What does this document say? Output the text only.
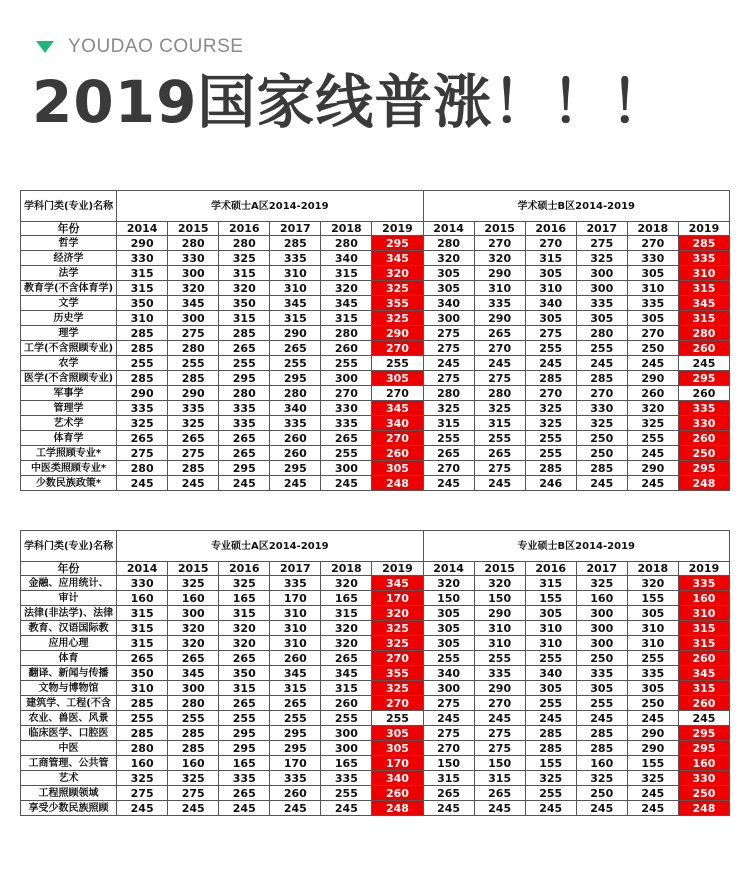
YOUDAO COURSE
2019国家线普涨！！！
学科门类(专业)名称	学术硕士A区2014-2019						学术硕士B区2014-2019					
年份	2014	2015	2016	2017	2018	2019	2014	2015	2016	2017	2018	2019
哲学	290	280	280	285	280	295	280	270	270	275	270	285
经济学	330	330	325	335	340	345	320	320	315	325	330	335
法学	315	300	315	310	315	320	305	290	305	300	305	310
教育学(不含体育学)	315	320	320	310	320	325	305	310	310	300	310	315
文学	350	345	350	345	345	355	340	335	340	335	335	345
历史学	310	300	315	315	315	325	300	290	305	305	305	315
理学	285	275	285	290	280	290	275	265	275	280	270	280
工学(不含照顾专业)	285	280	265	265	260	270	275	270	255	255	250	260
农学	255	255	255	255	255	255	245	245	245	245	245	245
医学(不含照顾专业)	285	285	295	295	300	305	275	275	285	285	290	295
军事学	290	290	280	280	270	270	280	280	270	270	260	260
管理学	335	335	335	340	330	345	325	325	325	330	320	335
艺术学	325	325	335	335	335	340	315	315	325	325	325	330
体育学	265	265	265	260	265	270	255	255	255	250	255	260
工学照顾专业*	275	275	265	260	255	260	265	265	255	250	245	250
中医类照顾专业*	280	285	295	295	300	305	270	275	285	285	290	295
少数民族政策*	245	245	245	245	245	248	245	245	246	245	245	248
学科门类(专业)名称	专业硕士A区2014-2019						专业硕士B区2014-2019					
年份	2014	2015	2016	2017	2018	2019	2014	2015	2016	2017	2018	2019
金融、应用统计、	330	325	325	335	320	345	320	320	315	325	320	335
审计	160	160	165	170	165	170	150	150	155	160	155	160
法律(非法学)、法律	315	300	315	310	315	320	305	290	305	300	305	310
教育、汉语国际教	315	320	320	310	320	325	305	310	310	300	310	315
应用心理	315	320	320	310	320	325	305	310	310	300	310	315
体育	265	265	265	260	265	270	255	255	255	250	255	260
翻译、新闻与传播	350	345	350	345	345	355	340	335	340	335	335	345
文物与博物馆	310	300	315	315	315	325	300	290	305	305	305	315
建筑学、工程(不含	285	280	265	265	260	270	275	270	255	255	250	260
农业、兽医、风景	255	255	255	255	255	255	245	245	245	245	245	245
临床医学、口腔医	285	285	295	295	300	305	275	275	285	285	290	295
中医	280	285	295	295	300	305	270	275	285	285	290	295
工商管理、公共管	160	160	165	170	165	170	150	150	155	160	155	160
艺术	325	325	335	335	335	340	315	315	325	325	325	330
工程照顾领域	275	275	265	260	255	260	265	265	255	250	245	250
享受少数民族照顾	245	245	245	245	245	248	245	245	245	245	245	248
